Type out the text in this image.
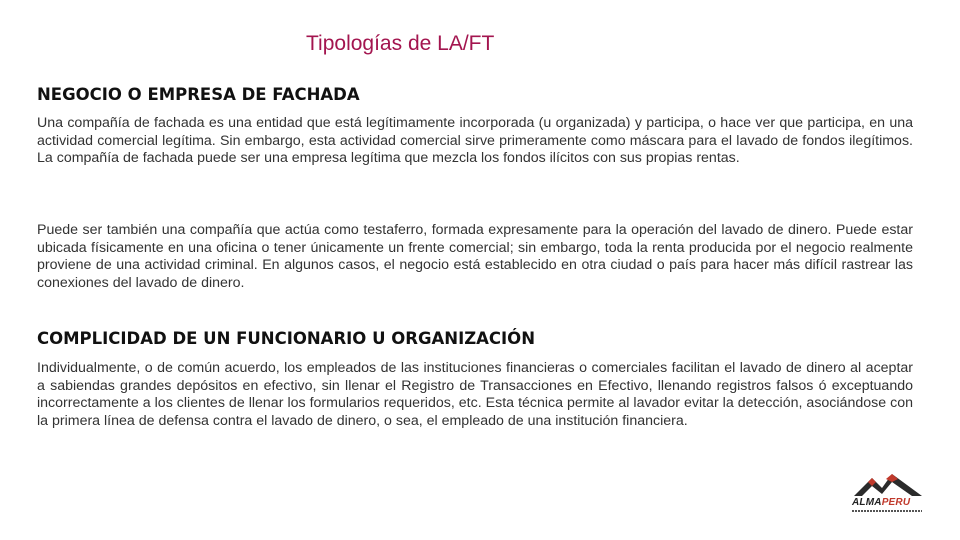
Tipologías de LA/FT
NEGOCIO O EMPRESA DE FACHADA

Una compañía de fachada es una entidad que está legítimamente incorporada (u organizada) y participa, o hace ver que participa, en una actividad comercial legítima. Sin embargo, esta actividad comercial sirve primeramente como máscara para el lavado de fondos ilegítimos. La compañía de fachada puede ser una empresa legítima que mezcla los fondos ilícitos con sus propias rentas.

Puede ser también una compañía que actúa como testaferro, formada expresamente para la operación del lavado de dinero. Puede estar ubicada físicamente en una oficina o tener únicamente un frente comercial; sin embargo, toda la renta producida por el negocio realmente proviene de una actividad criminal. En algunos casos, el negocio está establecido en otra ciudad o país para hacer más difícil rastrear las conexiones del lavado de dinero.

COMPLICIDAD DE UN FUNCIONARIO U ORGANIZACIÓN

Individualmente, o de común acuerdo, los empleados de las instituciones financieras o comerciales facilitan el lavado de dinero al aceptar a sabiendas grandes depósitos en efectivo, sin llenar el Registro de Transacciones en Efectivo, llenando registros falsos ó exceptuando incorrectamente a los clientes de llenar los formularios requeridos, etc. Esta técnica permite al lavador evitar la detección, asociándose con la primera línea de defensa contra el lavado de dinero, o sea, el empleado de una institución financiera.

ALMAPERU
